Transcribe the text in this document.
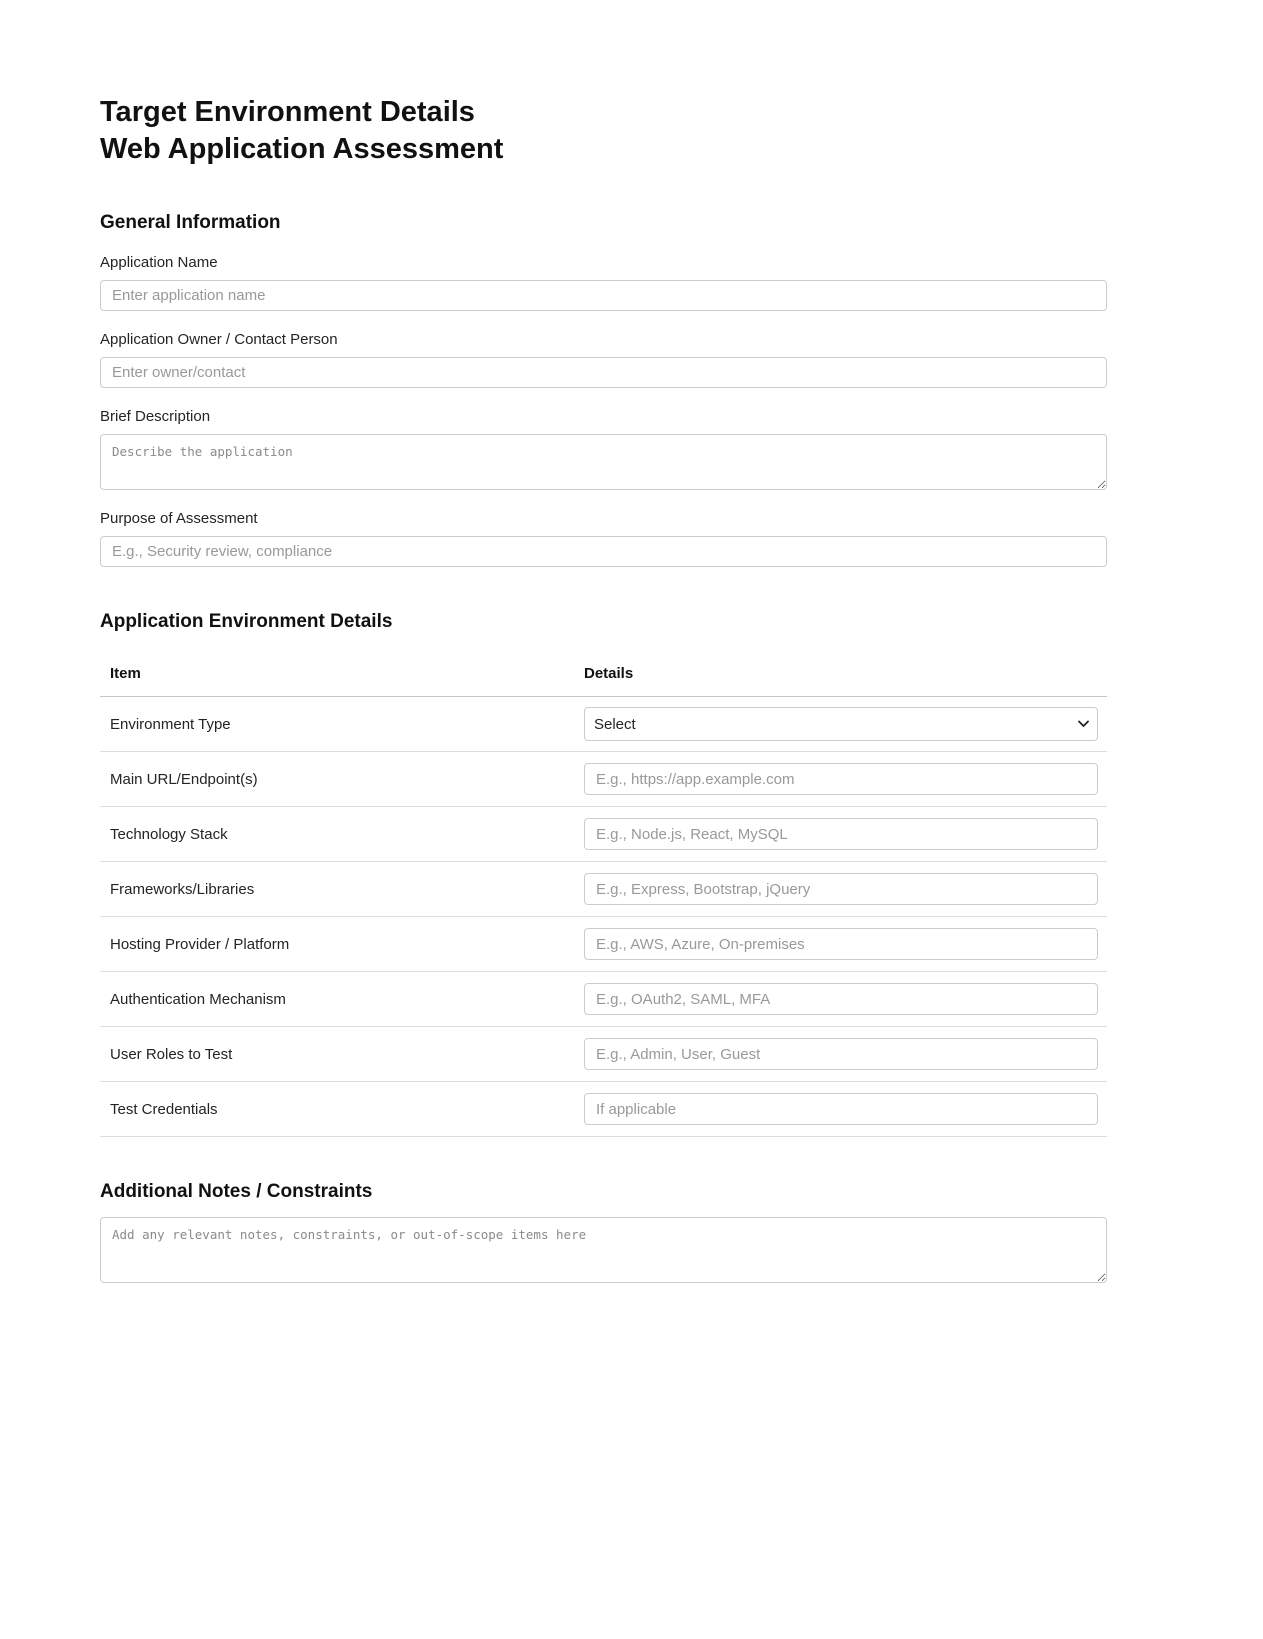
Target Environment Details
Web Application Assessment
General Information
Application Name
Enter application name
Application Owner / Contact Person
Enter owner/contact
Brief Description
Describe the application
Purpose of Assessment
E.g., Security review, compliance
Application Environment Details
Item	Details
Environment Type
Select
Main URL/Endpoint(s)
E.g., https://app.example.com
Technology Stack
E.g., Node.js, React, MySQL
Frameworks/Libraries
E.g., Express, Bootstrap, jQuery
Hosting Provider / Platform
E.g., AWS, Azure, On-premises
Authentication Mechanism
E.g., OAuth2, SAML, MFA
User Roles to Test
E.g., Admin, User, Guest
Test Credentials
If applicable
Additional Notes / Constraints
Add any relevant notes, constraints, or out-of-scope items here
